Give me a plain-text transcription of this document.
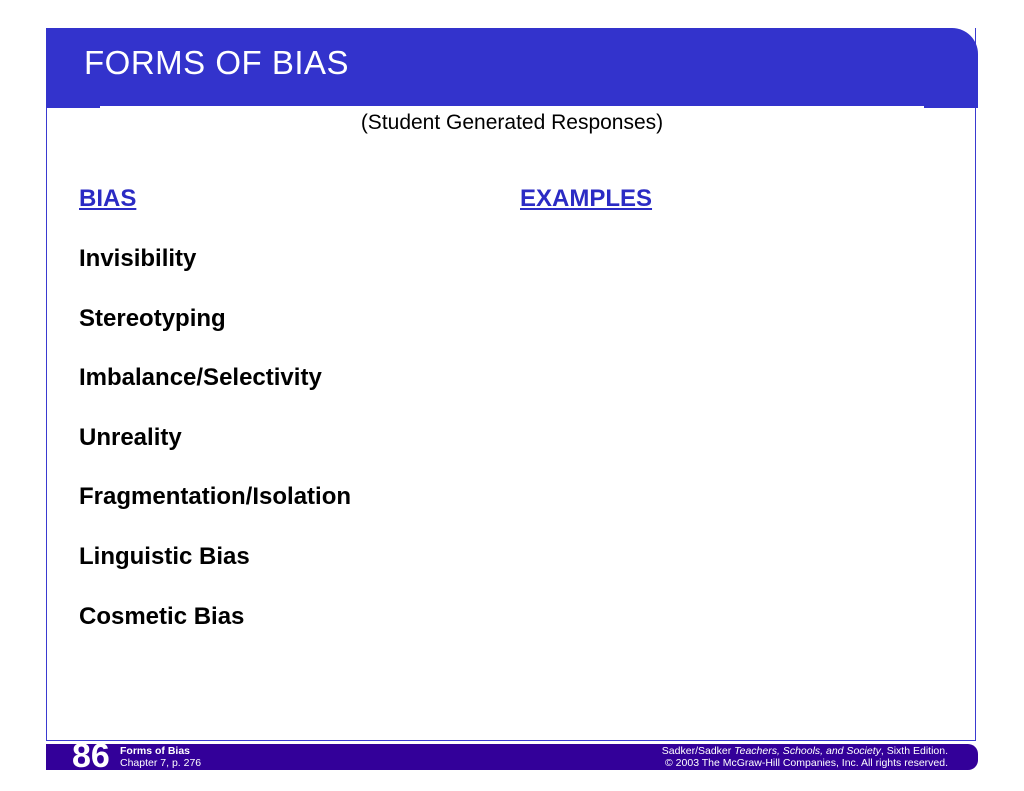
FORMS OF BIAS
(Student Generated Responses)
BIAS	EXAMPLES
Invisibility
Stereotyping
Imbalance/Selectivity
Unreality
Fragmentation/Isolation
Linguistic Bias
Cosmetic Bias
86 Forms of Bias
Chapter 7, p. 276
Sadker/Sadker Teachers, Schools, and Society, Sixth Edition.
© 2003 The McGraw-Hill Companies, Inc. All rights reserved.
